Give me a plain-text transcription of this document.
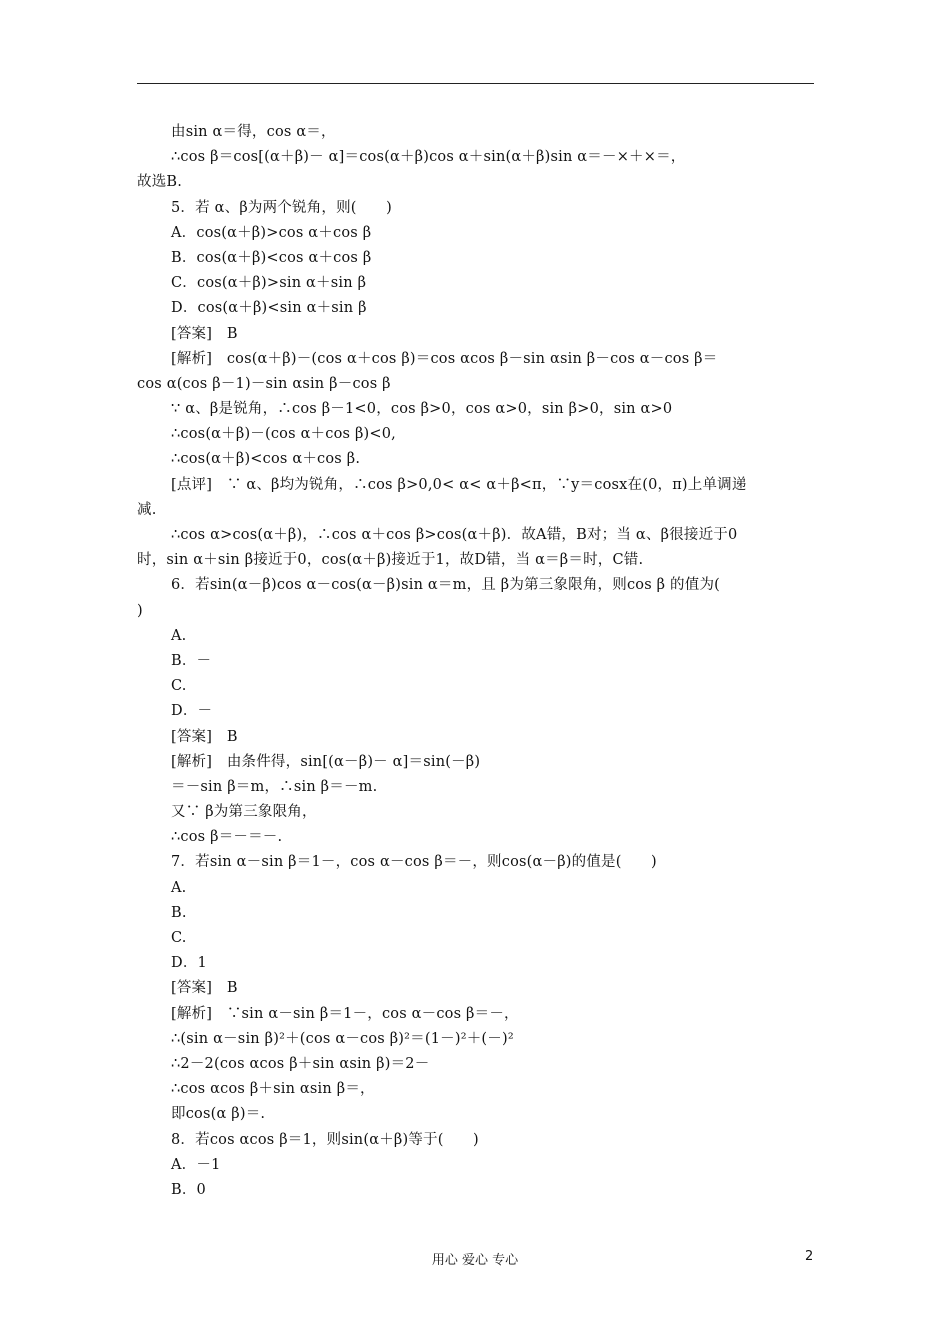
由sin α＝得，cos α＝，
∴cos β＝cos[(α＋β)－ α]＝cos(α＋β)cos α＋sin(α＋β)sin α＝－×＋×＝，
故选B.
5．若 α、β为两个锐角，则(　　)
A．cos(α＋β)>cos α＋cos β
B．cos(α＋β)<cos α＋cos β
C．cos(α＋β)>sin α＋sin β
D．cos(α＋β)<sin α＋sin β
[答案]　B
[解析]　cos(α＋β)－(cos α＋cos β)＝cos αcos β－sin αsin β－cos α－cos β＝
cos α(cos β－1)－sin αsin β－cos β
∵ α、β是锐角，∴cos β－1<0，cos β>0，cos α>0，sin β>0，sin α>0
∴cos(α＋β)－(cos α＋cos β)<0,
∴cos(α＋β)<cos α＋cos β.
[点评]　∵ α、β均为锐角，∴cos β>0,0< α< α＋β<π，∵y＝cosx在(0，π)上单调递
减.
∴cos α>cos(α＋β)，∴cos α＋cos β>cos(α＋β)．故A错，B对；当 α、β很接近于0
时，sin α＋sin β接近于0，cos(α＋β)接近于1，故D错，当 α＝β＝时，C错.
6．若sin(α－β)cos α－cos(α－β)sin α＝m，且 β为第三象限角，则cos β 的值为(
)
A.
B．－
C.
D．－
[答案]　B
[解析]　由条件得，sin[(α－β)－ α]＝sin(－β)
＝－sin β＝m，∴sin β＝－m.
又∵ β为第三象限角，
∴cos β＝－＝－.
7．若sin α－sin β＝1－，cos α－cos β＝－，则cos(α－β)的值是(　　)
A.
B.
C.
D．1
[答案]　B
[解析]　∵sin α－sin β＝1－，cos α－cos β＝－，
∴(sin α－sin β)²＋(cos α－cos β)²＝(1－)²＋(－)²
∴2－2(cos αcos β＋sin αsin β)＝2－
∴cos αcos β＋sin αsin β＝，
即cos(α β)＝.
8．若cos αcos β＝1，则sin(α＋β)等于(　　)
A．－1
B．0
用心 爱心 专心	2
